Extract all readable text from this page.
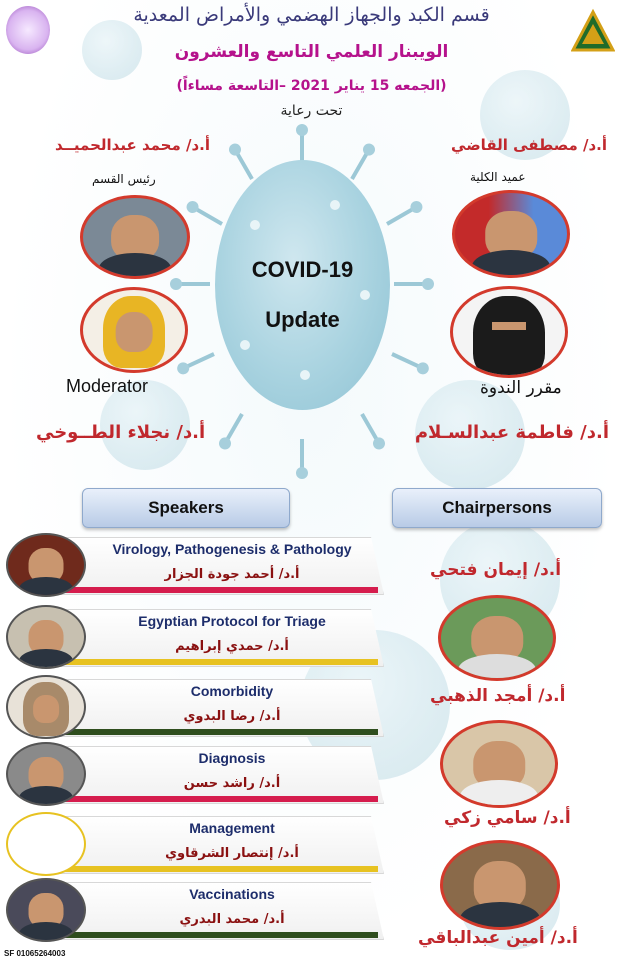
قسم الكبد والجهاز الهضمي والأمراض المعدية
الويبنار العلمي التاسع والعشرون
(الجمعه 15 يناير 2021 –التاسعة مساءاً)
تحت رعاية
أ.د/ مصطفى القاضي
عميد الكلية
أ.د/ محمد عبدالحميــد
رئيس القسم
COVID-19
Update
Moderator	مقرر الندوة
أ.د/ نجلاء الطــوخي	أ.د/ فاطمة عبدالسـلام
Speakers	Chairpersons
Virology, Pathogenesis & Pathology
أ.د/ أحمد جودة الجزار
Egyptian Protocol for Triage
أ.د/ حمدي إبراهيم
Comorbidity
أ.د/ رضا البدوي
Diagnosis
أ.د/ راشد حسن
Management
أ.د/ إنتصار الشرقاوي
Vaccinations
أ.د/ محمد البدري
أ.د/ إيمان فتحي
أ.د/ أمجد الذهبي
أ.د/ سامي زكي
أ.د/ أمين عبدالباقي
SF 01065264003
